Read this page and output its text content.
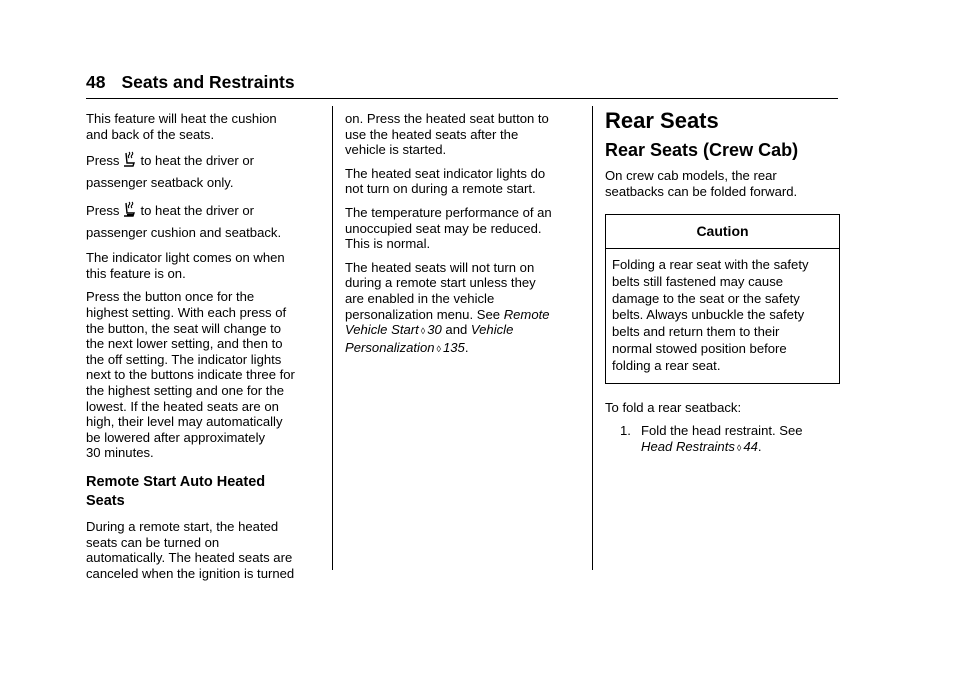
48 Seats and Restraints

This feature will heat the cushion
and back of the seats.

Press to heat the driver or
passenger seatback only.

Press to heat the driver or
passenger cushion and seatback.

The indicator light comes on when
this feature is on.

Press the button once for the
highest setting. With each press of
the button, the seat will change to
the next lower setting, and then to
the off setting. The indicator lights
next to the buttons indicate three for
the highest setting and one for the
lowest. If the heated seats are on
high, their level may automatically
be lowered after approximately
30 minutes.

Remote Start Auto Heated
Seats

During a remote start, the heated
seats can be turned on
automatically. The heated seats are
canceled when the ignition is turned

on. Press the heated seat button to
use the heated seats after the
vehicle is started.

The heated seat indicator lights do
not turn on during a remote start.

The temperature performance of an
unoccupied seat may be reduced.
This is normal.

The heated seats will not turn on
during a remote start unless they
are enabled in the vehicle
personalization menu. See Remote
Vehicle Start ◊ 30 and Vehicle
Personalization ◊ 135.

Rear Seats
Rear Seats (Crew Cab)

On crew cab models, the rear
seatbacks can be folded forward.

Caution
Folding a rear seat with the safety
belts still fastened may cause
damage to the seat or the safety
belts. Always unbuckle the safety
belts and return them to their
normal stowed position before
folding a rear seat.

To fold a rear seatback:

1. Fold the head restraint. See
Head Restraints ◊ 44.
